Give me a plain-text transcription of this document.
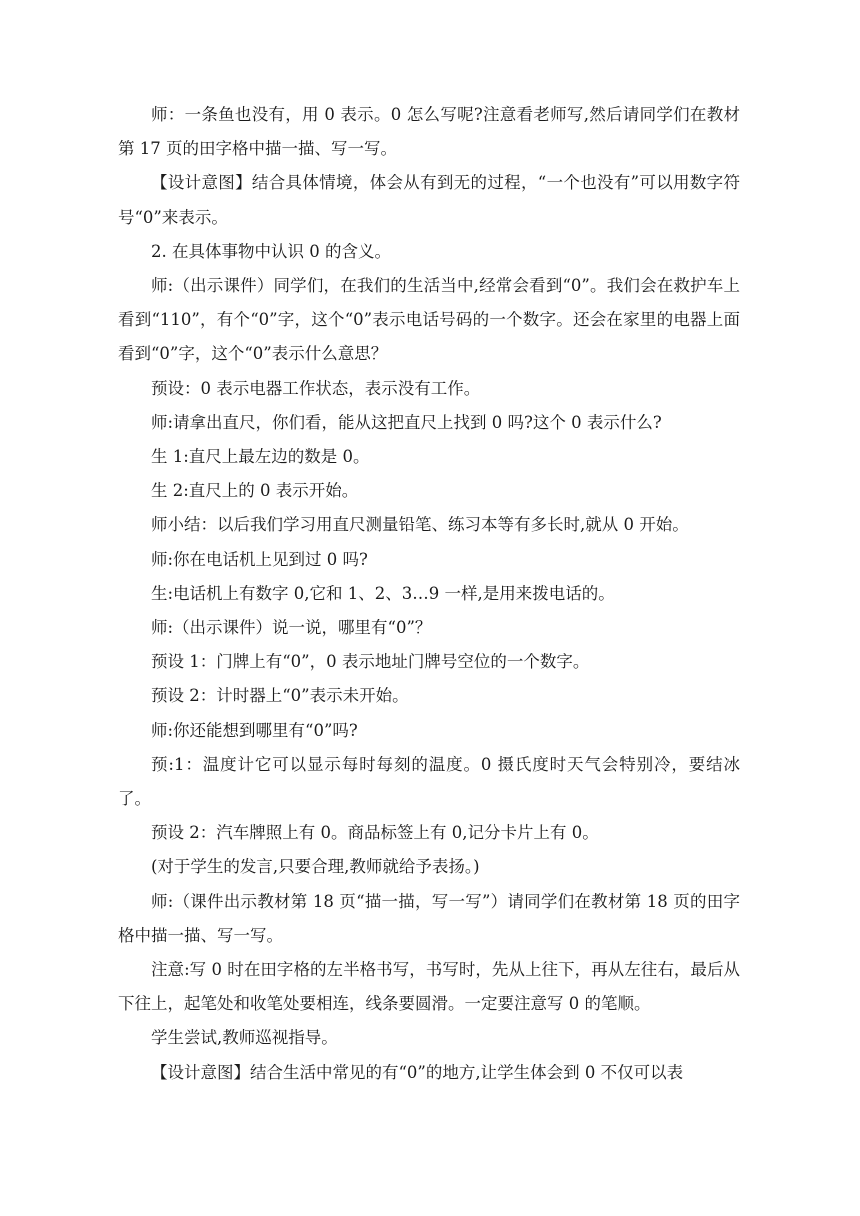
师：一条鱼也没有，用 0 表示。0 怎么写呢?注意看老师写,然后请同学们在教材第 17 页的田字格中描一描、写一写。

【设计意图】结合具体情境，体会从有到无的过程，“一个也没有”可以用数字符号“0”来表示。

2. 在具体事物中认识 0 的含义。

师:（出示课件）同学们，在我们的生活当中,经常会看到“0”。我们会在救护车上看到“110”，有个“0”字，这个“0”表示电话号码的一个数字。还会在家里的电器上面看到“0”字，这个“0”表示什么意思？

预设：0 表示电器工作状态，表示没有工作。

师:请拿出直尺，你们看，能从这把直尺上找到 0 吗?这个 0 表示什么?

生 1:直尺上最左边的数是 0。

生 2:直尺上的 0 表示开始。

师小结：以后我们学习用直尺测量铅笔、练习本等有多长时,就从 0 开始。

师:你在电话机上见到过 0 吗?

生:电话机上有数字 0,它和 1、2、3…9 一样,是用来拨电话的。

师:（出示课件）说一说，哪里有“0”？

预设 1：门牌上有“0”，0 表示地址门牌号空位的一个数字。

预设 2：计时器上“0”表示未开始。

师:你还能想到哪里有“0”吗?

预:1：温度计它可以显示每时每刻的温度。0 摄氏度时天气会特别冷，要结冰了。

预设 2：汽车牌照上有 0。商品标签上有 0,记分卡片上有 0。

(对于学生的发言,只要合理,教师就给予表扬。)

师:（课件出示教材第 18 页“描一描，写一写”）请同学们在教材第 18 页的田字格中描一描、写一写。

注意:写 0 时在田字格的左半格书写，书写时，先从上往下，再从左往右，最后从下往上，起笔处和收笔处要相连，线条要圆滑。一定要注意写 0 的笔顺。

学生尝试,教师巡视指导。

【设计意图】结合生活中常见的有“0”的地方,让学生体会到 0 不仅可以表
